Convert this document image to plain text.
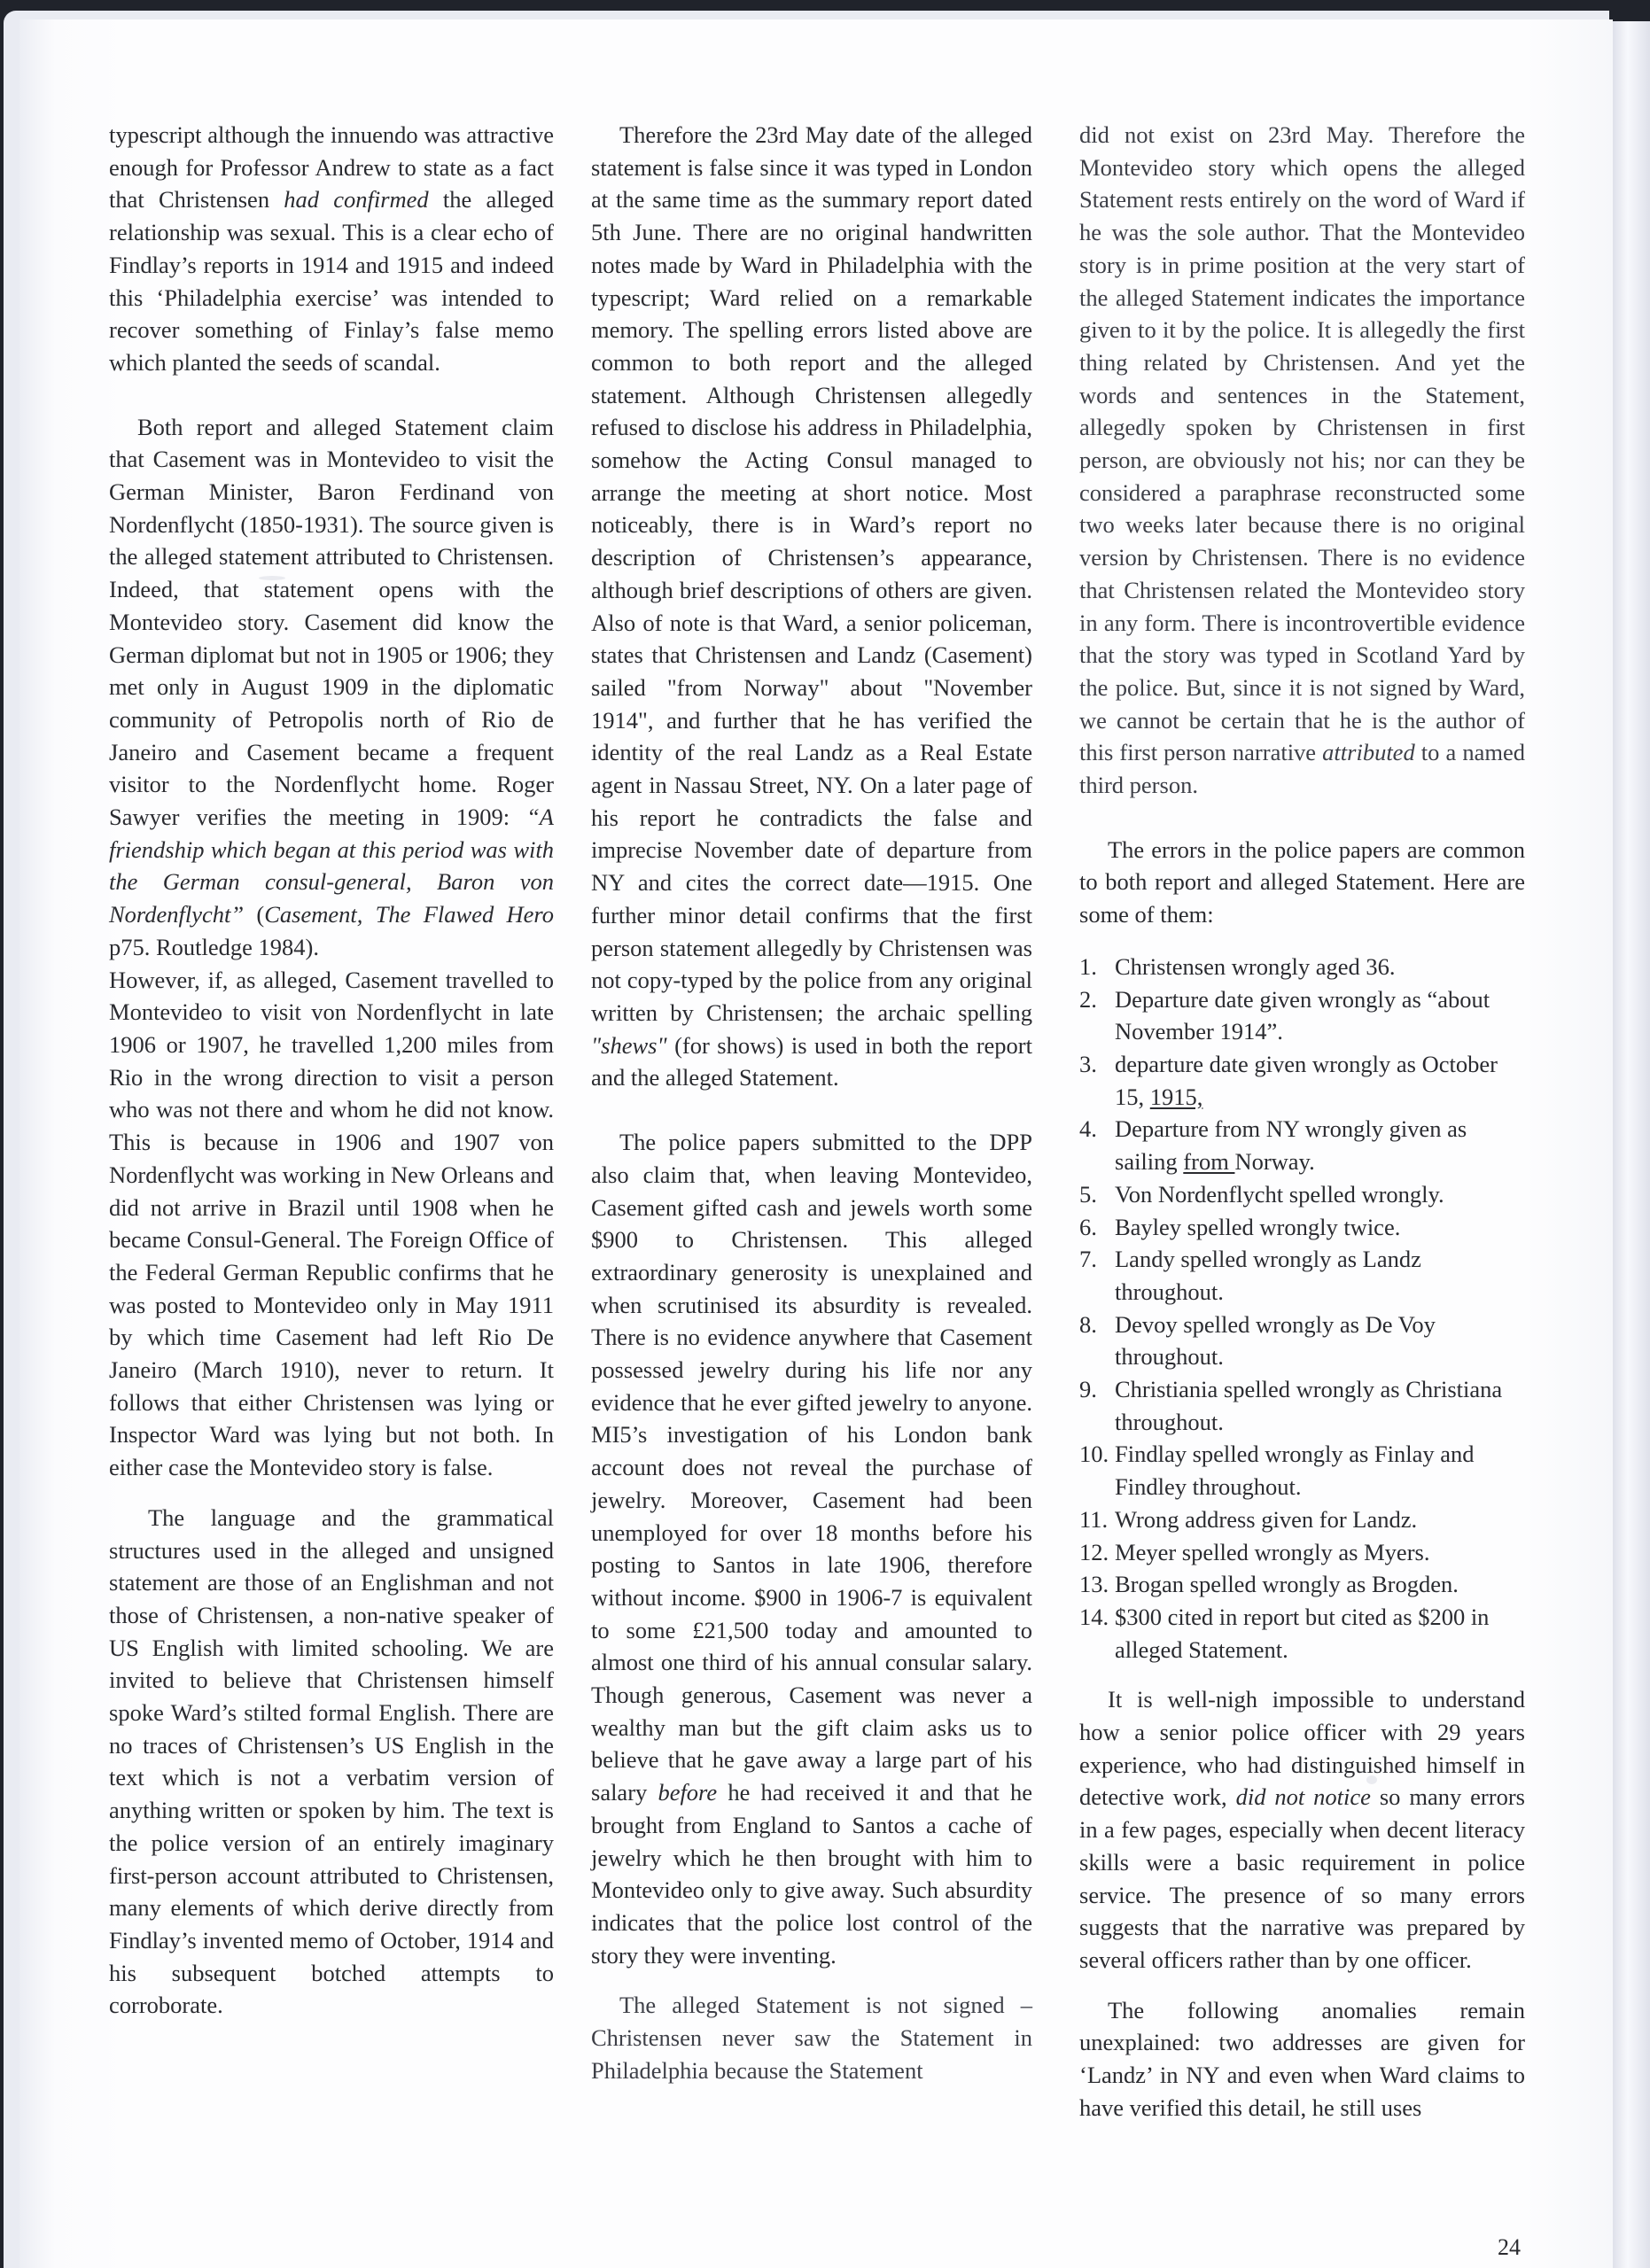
typescript although the innuendo was attractive enough for Professor Andrew to state as a fact that Christensen had confirmed the alleged relationship was sexual. This is a clear echo of Findlay’s reports in 1914 and 1915 and indeed this ‘Philadelphia exercise’ was intended to recover something of Finlay’s false memo which planted the seeds of scandal.

Both report and alleged Statement claim that Casement was in Montevideo to visit the German Minister, Baron Ferdinand von Nordenflycht (1850-1931). The source given is the alleged statement attributed to Christensen. Indeed, that statement opens with the Montevideo story. Casement did know the German diplomat but not in 1905 or 1906; they met only in August 1909 in the diplomatic community of Petropolis north of Rio de Janeiro and Casement became a frequent visitor to the Nordenflycht home. Roger Sawyer verifies the meeting in 1909: “A friendship which began at this period was with the German consul-general, Baron von Nordenflycht” (Casement, The Flawed Hero p75. Routledge 1984).

However, if, as alleged, Casement travelled to Montevideo to visit von Nordenflycht in late 1906 or 1907, he travelled 1,200 miles from Rio in the wrong direction to visit a person who was not there and whom he did not know. This is because in 1906 and 1907 von Nordenflycht was working in New Orleans and did not arrive in Brazil until 1908 when he became Consul-General. The Foreign Office of the Federal German Republic confirms that he was posted to Montevideo only in May 1911 by which time Casement had left Rio De Janeiro (March 1910), never to return. It follows that either Christensen was lying or Inspector Ward was lying but not both. In either case the Montevideo story is false.

The language and the grammatical structures used in the alleged and unsigned statement are those of an Englishman and not those of Christensen, a non-native speaker of US English with limited schooling. We are invited to believe that Christensen himself spoke Ward’s stilted formal English. There are no traces of Christensen’s US English in the text which is not a verbatim version of anything written or spoken by him. The text is the police version of an entirely imaginary first-person account attributed to Christensen, many elements of which derive directly from Findlay’s invented memo of October, 1914 and his subsequent botched attempts to corroborate.

Therefore the 23rd May date of the alleged statement is false since it was typed in London at the same time as the summary report dated 5th June. There are no original handwritten notes made by Ward in Philadelphia with the typescript; Ward relied on a remarkable memory. The spelling errors listed above are common to both report and the alleged statement. Although Christensen allegedly refused to disclose his address in Philadelphia, somehow the Acting Consul managed to arrange the meeting at short notice. Most noticeably, there is in Ward’s report no description of Christensen’s appearance, although brief descriptions of others are given. Also of note is that Ward, a senior policeman, states that Christensen and Landz (Casement) sailed "from Norway" about "November 1914", and further that he has verified the identity of the real Landz as a Real Estate agent in Nassau Street, NY. On a later page of his report he contradicts the false and imprecise November date of departure from NY and cites the correct date—1915. One further minor detail confirms that the first person statement allegedly by Christensen was not copy-typed by the police from any original written by Christensen; the archaic spelling "shews" (for shows) is used in both the report and the alleged Statement.

The police papers submitted to the DPP also claim that, when leaving Montevideo, Casement gifted cash and jewels worth some $900 to Christensen. This alleged extraordinary generosity is unexplained and when scrutinised its absurdity is revealed. There is no evidence anywhere that Casement possessed jewelry during his life nor any evidence that he ever gifted jewelry to anyone. MI5’s investigation of his London bank account does not reveal the purchase of jewelry. Moreover, Casement had been unemployed for over 18 months before his posting to Santos in late 1906, therefore without income. $900 in 1906-7 is equivalent to some £21,500 today and amounted to almost one third of his annual consular salary. Though generous, Casement was never a wealthy man but the gift claim asks us to believe that he gave away a large part of his salary before he had received it and that he brought from England to Santos a cache of jewelry which he then brought with him to Montevideo only to give away. Such absurdity indicates that the police lost control of the story they were inventing.

The alleged Statement is not signed – Christensen never saw the Statement in Philadelphia because the Statement

did not exist on 23rd May. Therefore the Montevideo story which opens the alleged Statement rests entirely on the word of Ward if he was the sole author. That the Montevideo story is in prime position at the very start of the alleged Statement indicates the importance given to it by the police. It is allegedly the first thing related by Christensen. And yet the words and sentences in the Statement, allegedly spoken by Christensen in first person, are obviously not his; nor can they be considered a paraphrase reconstructed some two weeks later because there is no original version by Christensen. There is no evidence that Christensen related the Montevideo story in any form. There is incontrovertible evidence that the story was typed in Scotland Yard by the police. But, since it is not signed by Ward, we cannot be certain that he is the author of this first person narrative attributed to a named third person.

The errors in the police papers are common to both report and alleged Statement. Here are some of them:

1. Christensen wrongly aged 36.
2. Departure date given wrongly as “about November 1914”.
3. departure date given wrongly as October 15, 1915,
4. Departure from NY wrongly given as sailing from Norway.
5. Von Nordenflycht spelled wrongly.
6. Bayley spelled wrongly twice.
7. Landy spelled wrongly as Landz throughout.
8. Devoy spelled wrongly as De Voy throughout.
9. Christiania spelled wrongly as Christiana throughout.
10. Findlay spelled wrongly as Finlay and Findley throughout.
11. Wrong address given for Landz.
12. Meyer spelled wrongly as Myers.
13. Brogan spelled wrongly as Brogden.
14. $300 cited in report but cited as $200 in alleged Statement.

It is well-nigh impossible to understand how a senior police officer with 29 years experience, who had distinguished himself in detective work, did not notice so many errors in a few pages, especially when decent literacy skills were a basic requirement in police service. The presence of so many errors suggests that the narrative was prepared by several officers rather than by one officer.

The following anomalies remain unexplained: two addresses are given for ‘Landz’ in NY and even when Ward claims to have verified this detail, he still uses

24
